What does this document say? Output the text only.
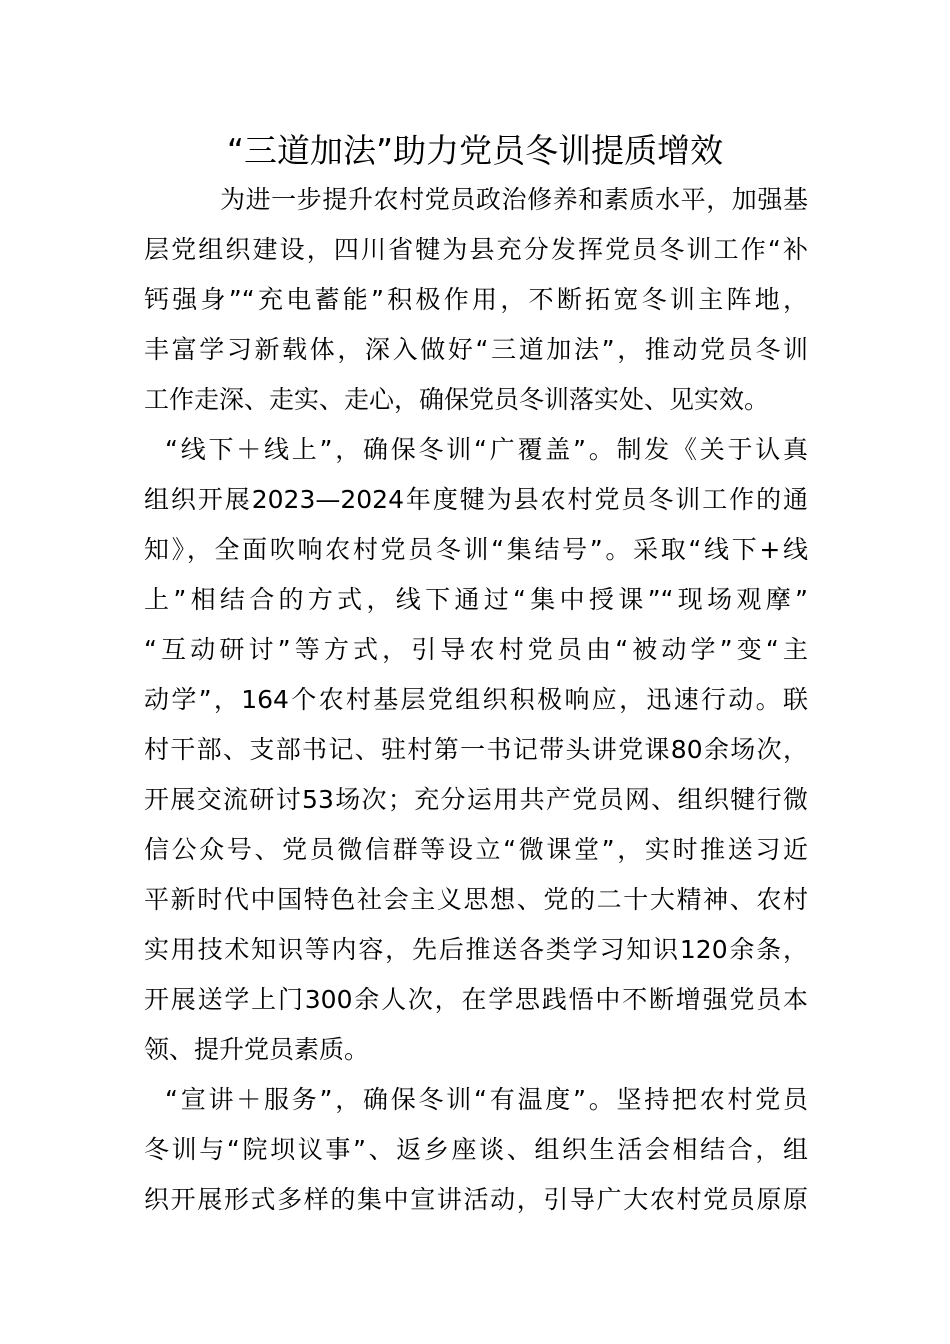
“三道加法”助力党员冬训提质增效
为进一步提升农村党员政治修养和素质水平，加强基
层党组织建设，四川省犍为县充分发挥党员冬训工作“补
钙强身”“充电蓄能”积极作用，不断拓宽冬训主阵地，
丰富学习新载体，深入做好“三道加法”，推动党员冬训
工作走深、走实、走心，确保党员冬训落实处、见实效。
“线下＋线上”，确保冬训“广覆盖”。制发《关于认真
组织开展2023—2024年度犍为县农村党员冬训工作的通
知》，全面吹响农村党员冬训“集结号”。采取“线下+线
上”相结合的方式，线下通过“集中授课”“现场观摩”
“互动研讨”等方式，引导农村党员由“被动学”变“主
动学”，164个农村基层党组织积极响应，迅速行动。联
村干部、支部书记、驻村第一书记带头讲党课80余场次，
开展交流研讨53场次；充分运用共产党员网、组织犍行微
信公众号、党员微信群等设立“微课堂”，实时推送习近
平新时代中国特色社会主义思想、党的二十大精神、农村
实用技术知识等内容，先后推送各类学习知识120余条，
开展送学上门300余人次，在学思践悟中不断增强党员本
领、提升党员素质。
“宣讲＋服务”，确保冬训“有温度”。坚持把农村党员
冬训与“院坝议事”、返乡座谈、组织生活会相结合，组
织开展形式多样的集中宣讲活动，引导广大农村党员原原
